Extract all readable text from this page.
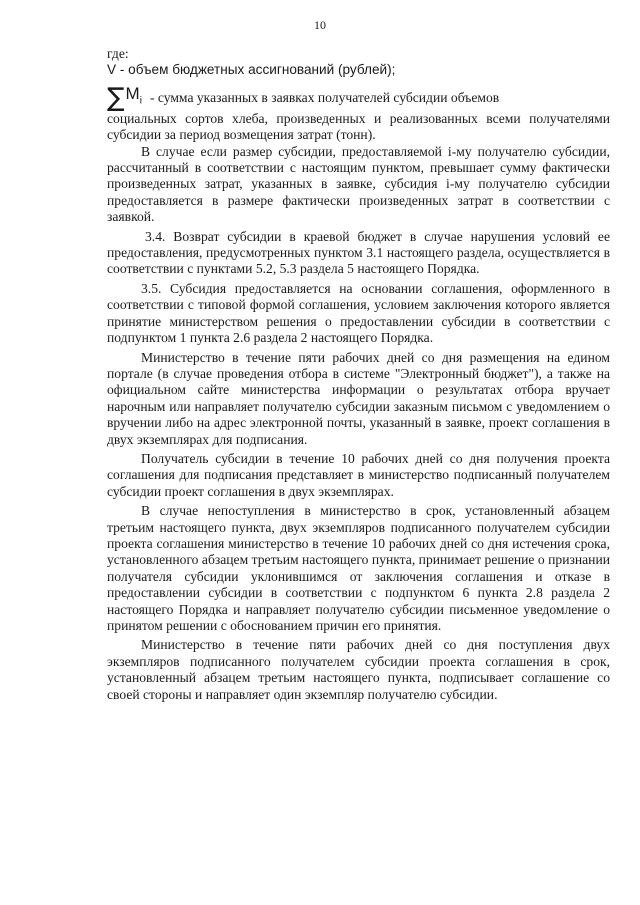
10

где:

V - объем бюджетных ассигнований (рублей);

∑ $M_i$ - сумма указанных в заявках получателей субсидии объемов

социальных сортов хлеба, произведенных и реализованных всеми получателями субсидии за период возмещения затрат (тонн).

В случае если размер субсидии, предоставляемой i-му получателю субсидии, рассчитанный в соответствии с настоящим пунктом, превышает сумму фактически произведенных затрат, указанных в заявке, субсидия i-му получателю субсидии предоставляется в размере фактически произведенных затрат в соответствии с заявкой.

3.4. Возврат субсидии в краевой бюджет в случае нарушения условий ее предоставления, предусмотренных пунктом 3.1 настоящего раздела, осуществляется в соответствии с пунктами 5.2, 5.3 раздела 5 настоящего Порядка.

3.5. Субсидия предоставляется на основании соглашения, оформленного в соответствии с типовой формой соглашения, условием заключения которого является принятие министерством решения о предоставлении субсидии в соответствии с подпунктом 1 пункта 2.6 раздела 2 настоящего Порядка.

Министерство в течение пяти рабочих дней со дня размещения на едином портале (в случае проведения отбора в системе "Электронный бюджет"), а также на официальном сайте министерства информации о результатах отбора вручает нарочным или направляет получателю субсидии заказным письмом с уведомлением о вручении либо на адрес электронной почты, указанный в заявке, проект соглашения в двух экземплярах для подписания.

Получатель субсидии в течение 10 рабочих дней со дня получения проекта соглашения для подписания представляет в министерство подписанный получателем субсидии проект соглашения в двух экземплярах.

В случае непоступления в министерство в срок, установленный абзацем третьим настоящего пункта, двух экземпляров подписанного получателем субсидии проекта соглашения министерство в течение 10 рабочих дней со дня истечения срока, установленного абзацем третьим настоящего пункта, принимает решение о признании получателя субсидии уклонившимся от заключения соглашения и отказе в предоставлении субсидии в соответствии с подпунктом 6 пункта 2.8 раздела 2 настоящего Порядка и направляет получателю субсидии письменное уведомление о принятом решении с обоснованием причин его принятия.

Министерство в течение пяти рабочих дней со дня поступления двух экземпляров подписанного получателем субсидии проекта соглашения в срок, установленный абзацем третьим настоящего пункта, подписывает соглашение со своей стороны и направляет один экземпляр получателю субсидии.
